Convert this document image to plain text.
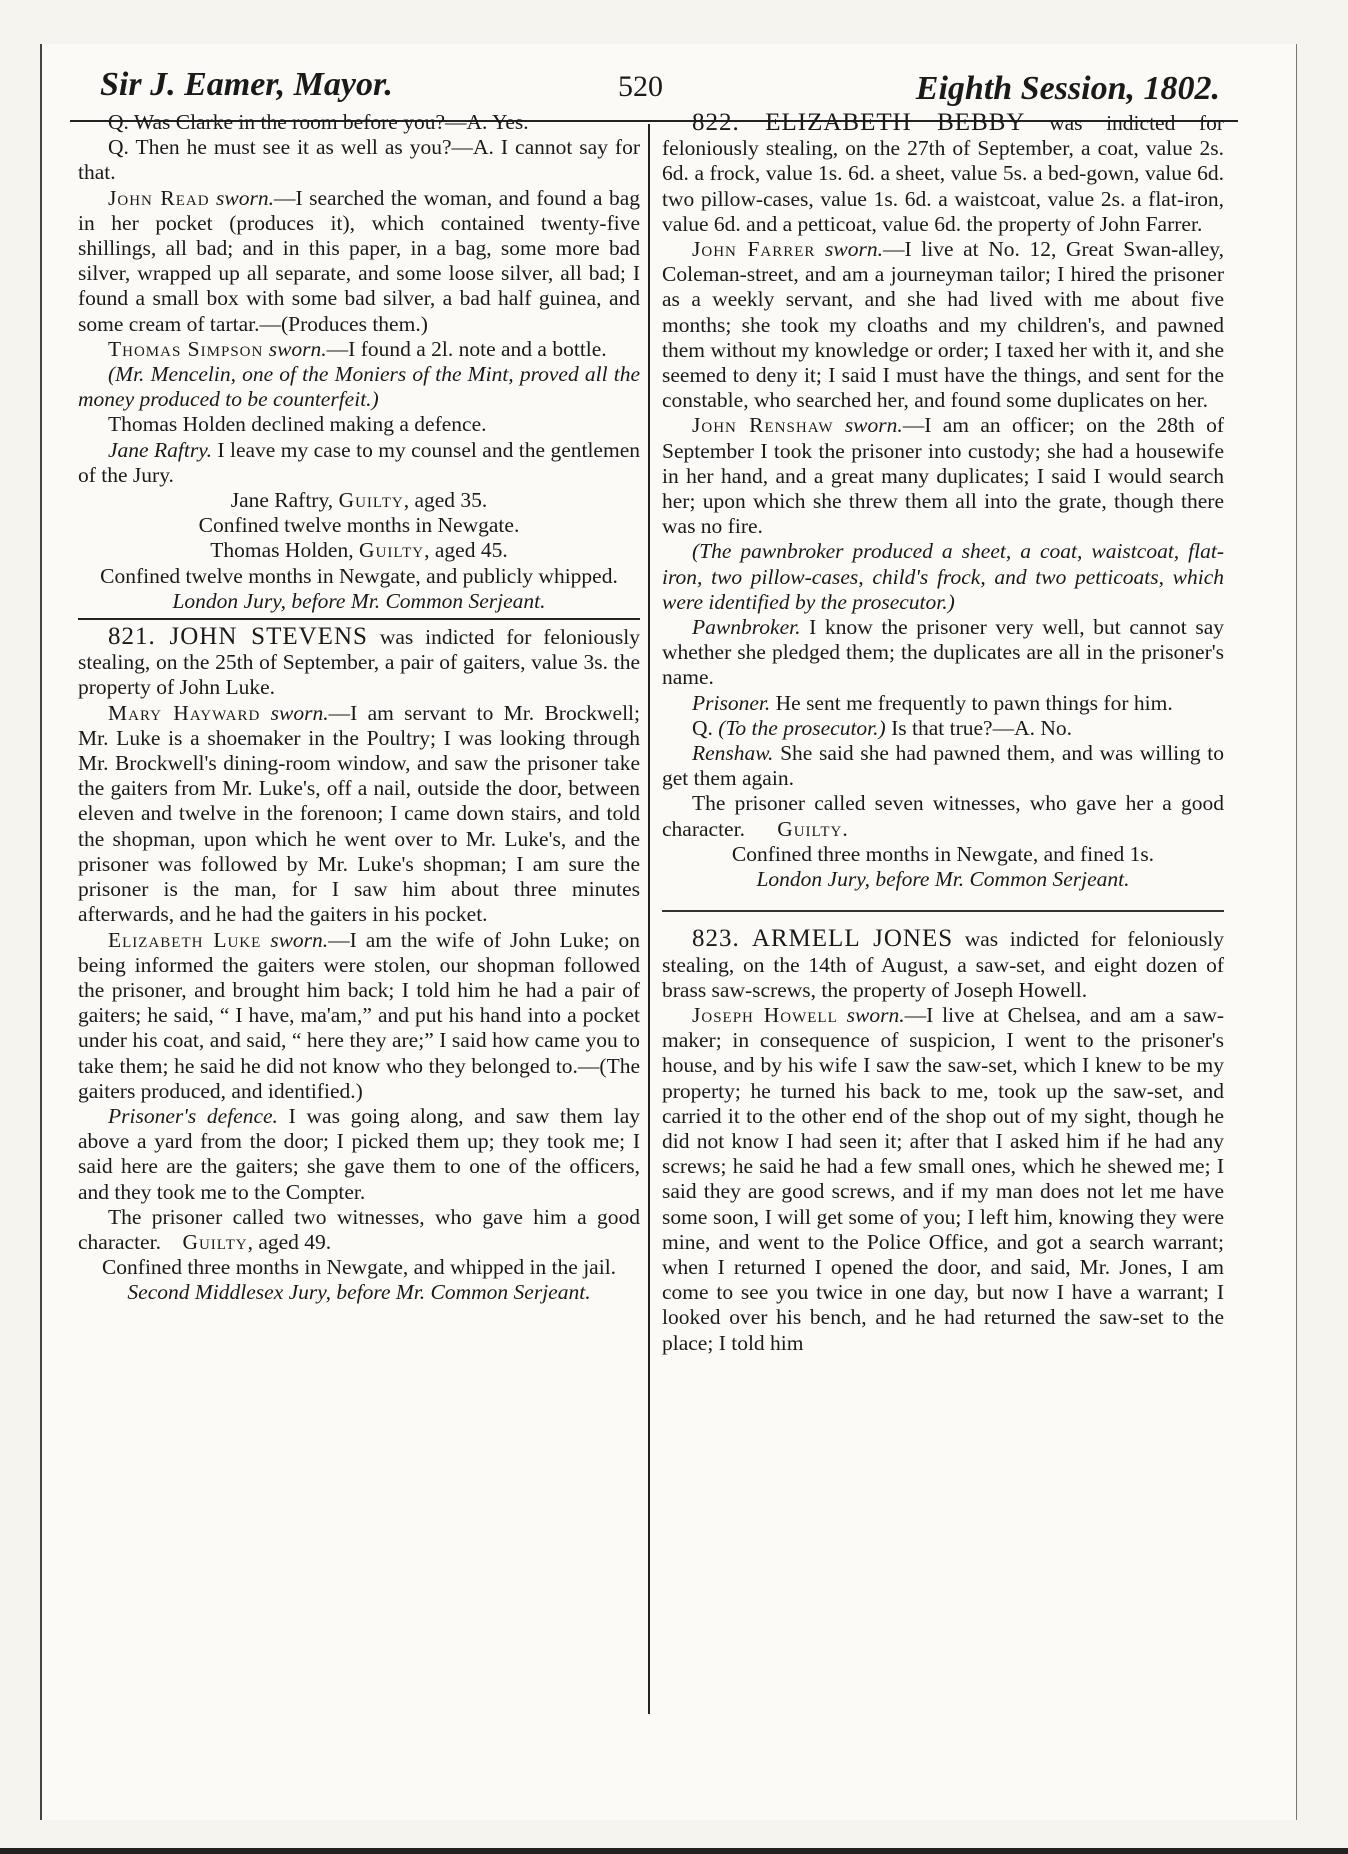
Sir J. Eamer, Mayor.	520	Eighth Session, 1802.

Q. Was Clarke in the room before you?—A. Yes.

Q. Then he must see it as well as you?—A. I cannot say for that.

John Read sworn.—I searched the woman, and found a bag in her pocket (produces it), which contained twenty-five shillings, all bad; and in this paper, in a bag, some more bad silver, wrapped up all separate, and some loose silver, all bad; I found a small box with some bad silver, a bad half guinea, and some cream of tartar.—(Produces them.)

Thomas Simpson sworn.—I found a 2l. note and a bottle.

(Mr. Mencelin, one of the Moniers of the Mint, proved all the money produced to be counterfeit.)

Thomas Holden declined making a defence.

Jane Raftry. I leave my case to my counsel and the gentlemen of the Jury.

Jane Raftry, Guilty, aged 35.

Confined twelve months in Newgate.

Thomas Holden, Guilty, aged 45.

Confined twelve months in Newgate, and publicly whipped.

London Jury, before Mr. Common Serjeant.

821. JOHN STEVENS was indicted for feloniously stealing, on the 25th of September, a pair of gaiters, value 3s. the property of John Luke.

Mary Hayward sworn.—I am servant to Mr. Brockwell; Mr. Luke is a shoemaker in the Poultry; I was looking through Mr. Brockwell's dining-room window, and saw the prisoner take the gaiters from Mr. Luke's, off a nail, outside the door, between eleven and twelve in the forenoon; I came down stairs, and told the shopman, upon which he went over to Mr. Luke's, and the prisoner was followed by Mr. Luke's shopman; I am sure the prisoner is the man, for I saw him about three minutes afterwards, and he had the gaiters in his pocket.

Elizabeth Luke sworn.—I am the wife of John Luke; on being informed the gaiters were stolen, our shopman followed the prisoner, and brought him back; I told him he had a pair of gaiters; he said, “ I have, ma'am,” and put his hand into a pocket under his coat, and said, “ here they are;” I said how came you to take them; he said he did not know who they belonged to.—(The gaiters produced, and identified.)

Prisoner's defence. I was going along, and saw them lay above a yard from the door; I picked them up; they took me; I said here are the gaiters; she gave them to one of the officers, and they took me to the Compter.

The prisoner called two witnesses, who gave him a good character. Guilty, aged 49.

Confined three months in Newgate, and whipped in the jail.

Second Middlesex Jury, before Mr. Common Serjeant.

822. ELIZABETH BEBBY was indicted for feloniously stealing, on the 27th of September, a coat, value 2s. 6d. a frock, value 1s. 6d. a sheet, value 5s. a bed-gown, value 6d. two pillow-cases, value 1s. 6d. a waistcoat, value 2s. a flat-iron, value 6d. and a petticoat, value 6d. the property of John Farrer.

John Farrer sworn.—I live at No. 12, Great Swan-alley, Coleman-street, and am a journeyman tailor; I hired the prisoner as a weekly servant, and she had lived with me about five months; she took my cloaths and my children's, and pawned them without my knowledge or order; I taxed her with it, and she seemed to deny it; I said I must have the things, and sent for the constable, who searched her, and found some duplicates on her.

John Renshaw sworn.—I am an officer; on the 28th of September I took the prisoner into custody; she had a housewife in her hand, and a great many duplicates; I said I would search her; upon which she threw them all into the grate, though there was no fire.

(The pawnbroker produced a sheet, a coat, waistcoat, flat-iron, two pillow-cases, child's frock, and two petticoats, which were identified by the prosecutor.)

Pawnbroker. I know the prisoner very well, but cannot say whether she pledged them; the duplicates are all in the prisoner's name.

Prisoner. He sent me frequently to pawn things for him.

Q. (To the prosecutor.) Is that true?—A. No.

Renshaw. She said she had pawned them, and was willing to get them again.

The prisoner called seven witnesses, who gave her a good character. Guilty.

Confined three months in Newgate, and fined 1s.

London Jury, before Mr. Common Serjeant.

823. ARMELL JONES was indicted for feloniously stealing, on the 14th of August, a saw-set, and eight dozen of brass saw-screws, the property of Joseph Howell.

Joseph Howell sworn.—I live at Chelsea, and am a saw-maker; in consequence of suspicion, I went to the prisoner's house, and by his wife I saw the saw-set, which I knew to be my property; he turned his back to me, took up the saw-set, and carried it to the other end of the shop out of my sight, though he did not know I had seen it; after that I asked him if he had any screws; he said he had a few small ones, which he shewed me; I said they are good screws, and if my man does not let me have some soon, I will get some of you; I left him, knowing they were mine, and went to the Police Office, and got a search warrant; when I returned I opened the door, and said, Mr. Jones, I am come to see you twice in one day, but now I have a warrant; I looked over his bench, and he had returned the saw-set to the place; I told him
